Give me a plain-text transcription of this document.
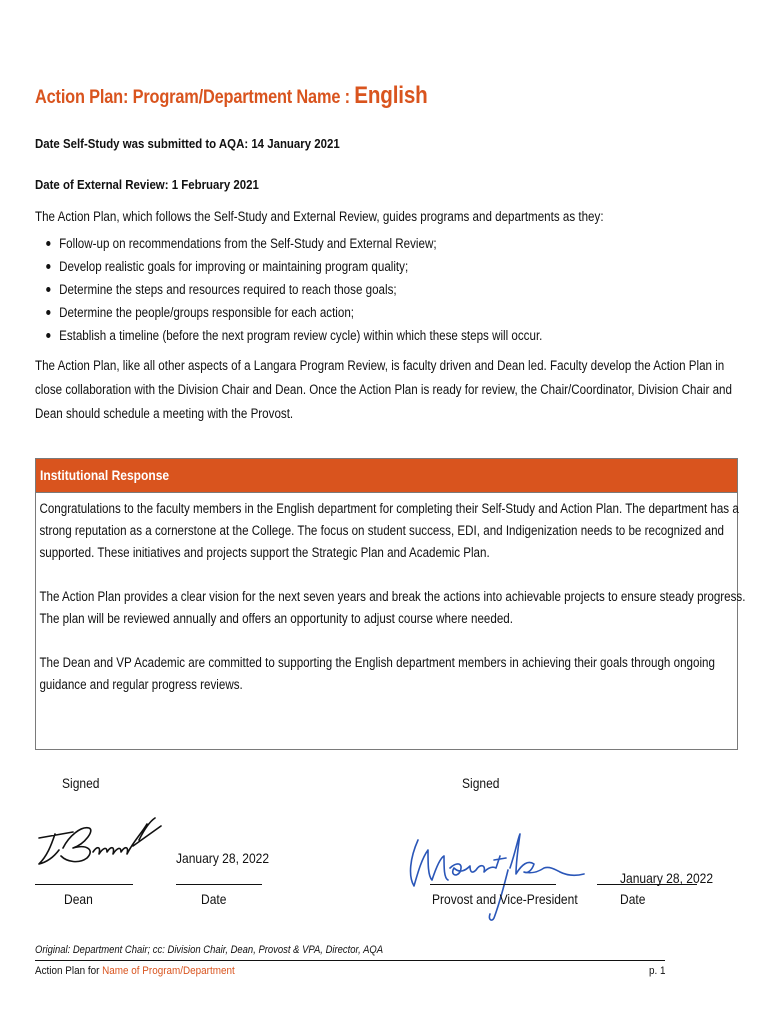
Action Plan: Program/Department Name : English
Date Self-Study was submitted to AQA: 14 January 2021
Date of External Review: 1 February 2021
The Action Plan, which follows the Self-Study and External Review, guides programs and departments as they:
Follow-up on recommendations from the Self-Study and External Review;
Develop realistic goals for improving or maintaining program quality;
Determine the steps and resources required to reach those goals;
Determine the people/groups responsible for each action;
Establish a timeline (before the next program review cycle) within which these steps will occur.
The Action Plan, like all other aspects of a Langara Program Review, is faculty driven and Dean led. Faculty develop the Action Plan in
close collaboration with the Division Chair and Dean. Once the Action Plan is ready for review, the Chair/Coordinator, Division Chair and
Dean should schedule a meeting with the Provost.
Institutional Response
Congratulations to the faculty members in the English department for completing their Self-Study and Action Plan. The department has a
strong reputation as a cornerstone at the College. The focus on student success, EDI, and Indigenization needs to be recognized and
supported. These initiatives and projects support the Strategic Plan and Academic Plan.
The Action Plan provides a clear vision for the next seven years and break the actions into achievable projects to ensure steady progress.
The plan will be reviewed annually and offers an opportunity to adjust course where needed.
The Dean and VP Academic are committed to supporting the English department members in achieving their goals through ongoing
guidance and regular progress reviews.
Signed	Signed
January 28, 2022
Dean	Date
January 28, 2022
Provost and Vice-President	Date
Original: Department Chair; cc: Division Chair, Dean, Provost & VPA, Director, AQA
Action Plan for Name of Program/Department	p. 1
